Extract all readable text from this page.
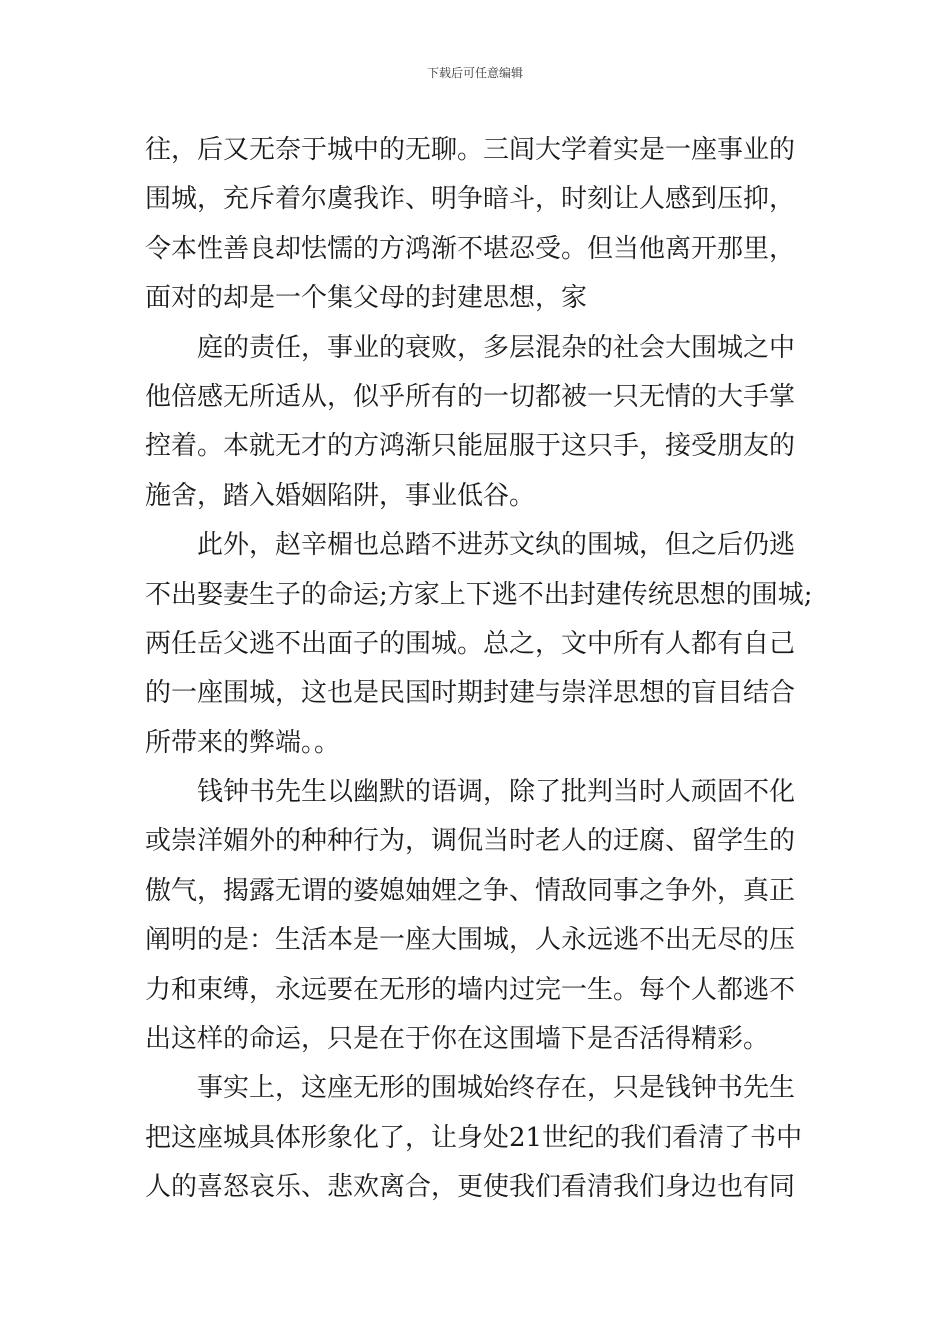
下载后可任意编辑
往，后又无奈于城中的无聊。三闾大学着实是一座事业的
围城，充斥着尔虞我诈、明争暗斗，时刻让人感到压抑，
令本性善良却怯懦的方鸿渐不堪忍受。但当他离开那里，
面对的却是一个集父母的封建思想，家
庭的责任，事业的衰败，多层混杂的社会大围城之中
他倍感无所适从，似乎所有的一切都被一只无情的大手掌
控着。本就无才的方鸿渐只能屈服于这只手，接受朋友的
施舍，踏入婚姻陷阱，事业低谷。
此外，赵辛楣也总踏不进苏文纨的围城，但之后仍逃
不出娶妻生子的命运;方家上下逃不出封建传统思想的围城;
两任岳父逃不出面子的围城。总之，文中所有人都有自己
的一座围城，这也是民国时期封建与崇洋思想的盲目结合
所带来的弊端。。
钱钟书先生以幽默的语调，除了批判当时人顽固不化
或崇洋媚外的种种行为，调侃当时老人的迂腐、留学生的
傲气，揭露无谓的婆媳妯娌之争、情敌同事之争外，真正
阐明的是：生活本是一座大围城，人永远逃不出无尽的压
力和束缚，永远要在无形的墙内过完一生。每个人都逃不
出这样的命运，只是在于你在这围墙下是否活得精彩。
事实上，这座无形的围城始终存在，只是钱钟书先生
把这座城具体形象化了，让身处21世纪的我们看清了书中
人的喜怒哀乐、悲欢离合，更使我们看清我们身边也有同
